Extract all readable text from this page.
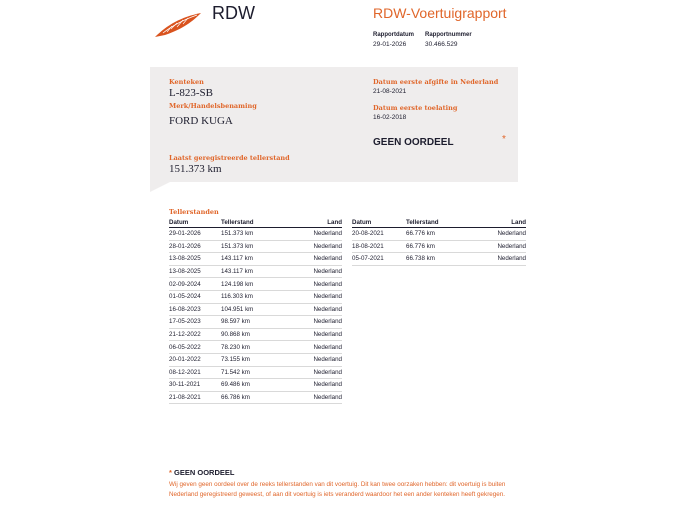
RDW	RDW-Voertuigrapport
Rapportdatum
29-01-2026
Rapportnummer
30.466.529
Kenteken
L-823-SB
Merk/Handelsbenaming
FORD KUGA
Laatst geregistreerde tellerstand
151.373 km
Datum eerste afgifte in Nederland
21-08-2021
Datum eerste toelating
16-02-2018
GEEN OORDEEL	*
Tellerstanden
Datum	Tellerstand	Land
29-01-2026	151.373 km	Nederland
28-01-2026	151.373 km	Nederland
13-08-2025	143.117 km	Nederland
13-08-2025	143.117 km	Nederland
02-09-2024	124.198 km	Nederland
01-05-2024	116.303 km	Nederland
16-08-2023	104.951 km	Nederland
17-05-2023	98.597 km	Nederland
21-12-2022	90.868 km	Nederland
06-05-2022	78.230 km	Nederland
20-01-2022	73.155 km	Nederland
08-12-2021	71.542 km	Nederland
30-11-2021	69.486 km	Nederland
21-08-2021	66.786 km	Nederland
Datum	Tellerstand	Land
20-08-2021	66.776 km	Nederland
18-08-2021	66.776 km	Nederland
05-07-2021	66.738 km	Nederland
* GEEN OORDEEL
Wij geven geen oordeel over de reeks tellerstanden van dit voertuig. Dit kan twee oorzaken hebben: dit voertuig is buiten Nederland geregistreerd geweest, of aan dit voertuig is iets veranderd waardoor het een ander kenteken heeft gekregen.
